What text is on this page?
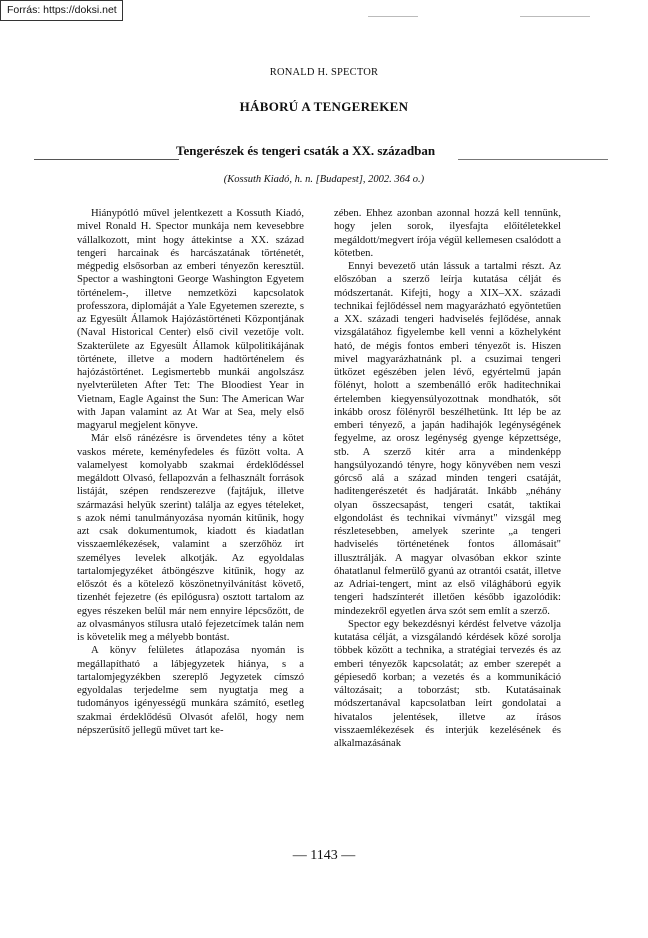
Forrás: https://doksi.net
RONALD H. SPECTOR
HÁBORÚ A TENGEREKEN
Tengerészek és tengeri csaták a XX. században
(Kossuth Kiadó, h. n. [Budapest], 2002. 364 o.)

Hiánypótló művel jelentkezett a Kossuth Kiadó, mivel Ronald H. Spector munkája nem kevesebbre vállalkozott, mint hogy áttekintse a XX. század tengeri harcainak és harcászatának történetét, mégpedig elsősorban az emberi tényezőn keresztül. Spector a washingtoni George Washington Egyetem történelem-, illetve nemzetközi kapcsolatok professzora, diplomáját a Yale Egyetemen szerezte, s az Egyesült Államok Hajózástörténeti Központjának (Naval Historical Center) első civil vezetője volt. Szakterülete az Egyesült Államok külpolitikájának története, illetve a modern hadtörténelem és hajózástörténet. Legismertebb munkái angolszász nyelvterületen After Tet: The Bloodiest Year in Vietnam, Eagle Against the Sun: The American War with Japan valamint az At War at Sea, mely első magyarul megjelent könyve.

Már első ránézésre is örvendetes tény a kötet vaskos mérete, keményfedeles és fűzött volta. A valamelyest komolyabb szakmai érdeklődéssel megáldott Olvasó, fellapozván a felhasznált források listáját, szépen rendszerezve (fajtájuk, illetve származási helyük szerint) találja az egyes tételeket, s azok némi tanulmányozása nyomán kitűnik, hogy azt csak dokumentumok, kiadott és kiadatlan visszaemlékezések, valamint a szerzőhöz írt személyes levelek alkotják. Az egyoldalas tartalomjegyzéket átböngészve kitűnik, hogy az előszót és a kötelező köszönetnyilvánítást követő, tizenhét fejezetre (és epilógusra) osztott tartalom az egyes részeken belül már nem ennyire lépcsőzött, de az olvasmányos stílusra utaló fejezetcímek talán nem is követelik meg a mélyebb bontást.

A könyv felületes átlapozása nyomán is megállapítható a lábjegyzetek hiánya, s a tartalomjegyzékben szereplő Jegyzetek címszó egyoldalas terjedelme sem nyugtatja meg a tudományos igényességű munkára számító, esetleg szakmai érdeklődésű Olvasót afelől, hogy nem népszerűsítő jellegű művet tart ke-

zében. Ehhez azonban azonnal hozzá kell tennünk, hogy jelen sorok, ilyesfajta előítéletekkel megáldott/megvert írója végül kellemesen csalódott a kötetben.

Ennyi bevezető után lássuk a tartalmi részt. Az előszóban a szerző leírja kutatása célját és módszertanát. Kifejti, hogy a XIX–XX. századi technikai fejlődéssel nem magyarázható egyöntetűen a XX. századi tengeri hadviselés fejlődése, annak vizsgálatához figyelembe kell venni a közhelyként ható, de mégis fontos emberi tényezőt is. Hiszen mivel magyarázhatnánk pl. a csuzimai tengeri ütközet egészében jelen lévő, egyértelmű japán fölényt, holott a szembenálló erők haditechnikai értelemben kiegyensúlyozottnak mondhatók, sőt inkább orosz fölényről beszélhetünk. Itt lép be az emberi tényező, a japán hadihajók legénységének fegyelme, az orosz legénység gyenge képzettsége, stb. A szerző kitér arra a mindenképp hangsúlyozandó tényre, hogy könyvében nem veszi górcső alá a század minden tengeri csatáját, haditengerészetét és hadjáratát. Inkább „néhány olyan összecsapást, tengeri csatát, taktikai elgondolást és technikai vívmányt" vizsgál meg részletesebben, amelyek szerinte „a tengeri hadviselés történetének fontos állomásait" illusztrálják. A magyar olvasóban ekkor szinte óhatatlanul felmerülő gyanú az otrantói csatát, illetve az Adriai-tengert, mint az első világháború egyik tengeri hadszínterét illetően később igazolódik: mindezekről egyetlen árva szót sem említ a szerző.

Spector egy bekezdésnyi kérdést felvetve vázolja kutatása célját, a vizsgálandó kérdések közé sorolja többek között a technika, a stratégiai tervezés és az emberi tényezők kapcsolatát; az ember szerepét a gépiesedő korban; a vezetés és a kommunikáció változásait; a toborzást; stb. Kutatásainak módszertanával kapcsolatban leírt gondolatai a hivatalos jelentések, illetve az írásos visszaemlékezések és interjúk kezelésének és alkalmazásának

— 1143 —
